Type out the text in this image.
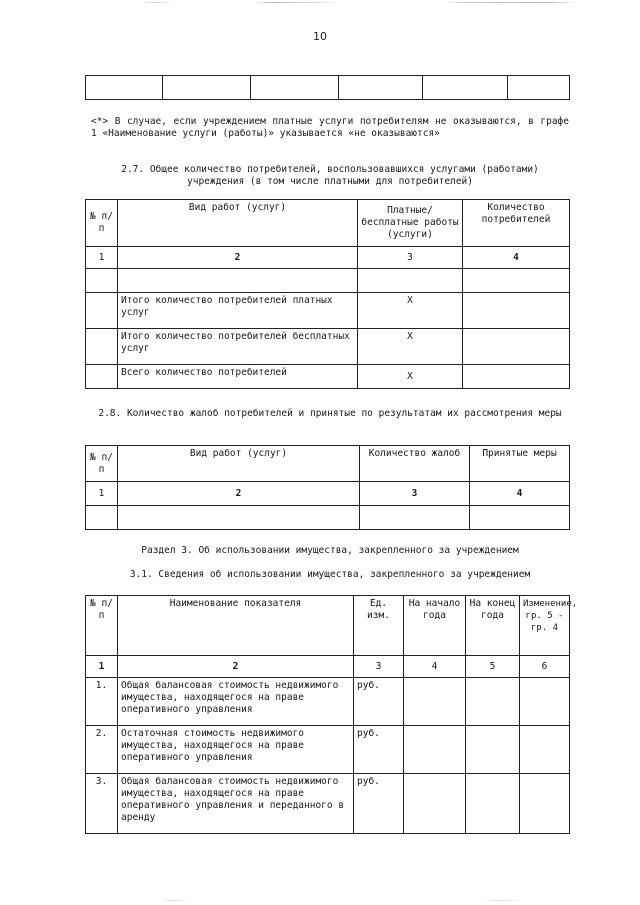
10

<*> В случае, если учреждением платные услуги потребителям не оказываются, в графе 1 «Наименование услуги (работы)» указывается «не оказываются»
2.7. Общее количество потребителей, воспользовавшихся услугами (работами) учреждения (в том числе платными для потребителей)
№ п/п	Вид работ (услуг)	Платные/бесплатные работы (услуги)	Количество потребителей
1	2	3	4

	Итого количество потребителей платных услуг	X	
	Итого количество потребителей бесплатных услуг	X	
	Всего количество потребителей	X	
2.8. Количество жалоб потребителей и принятые по результатам их рассмотрения меры
№ п/п	Вид работ (услуг)	Количество жалоб	Принятые меры
1	2	3	4

Раздел 3. Об использовании имущества, закрепленного за учреждением
3.1. Сведения об использовании имущества, закрепленного за учреждением
№ п/п	Наименование показателя	Ед. изм.	На начало года	На конец года	Изменение, гр. 5 - гр. 4
1	2	3	4	5	6
1.	Общая балансовая стоимость недвижимого имущества, находящегося на праве оперативного управления	руб.			
2.	Остаточная стоимость недвижимого имущества, находящегося на праве оперативного управления	руб.			
3.	Общая балансовая стоимость недвижимого имущества, находящегося на праве оперативного управления и переданного в аренду	руб.			
